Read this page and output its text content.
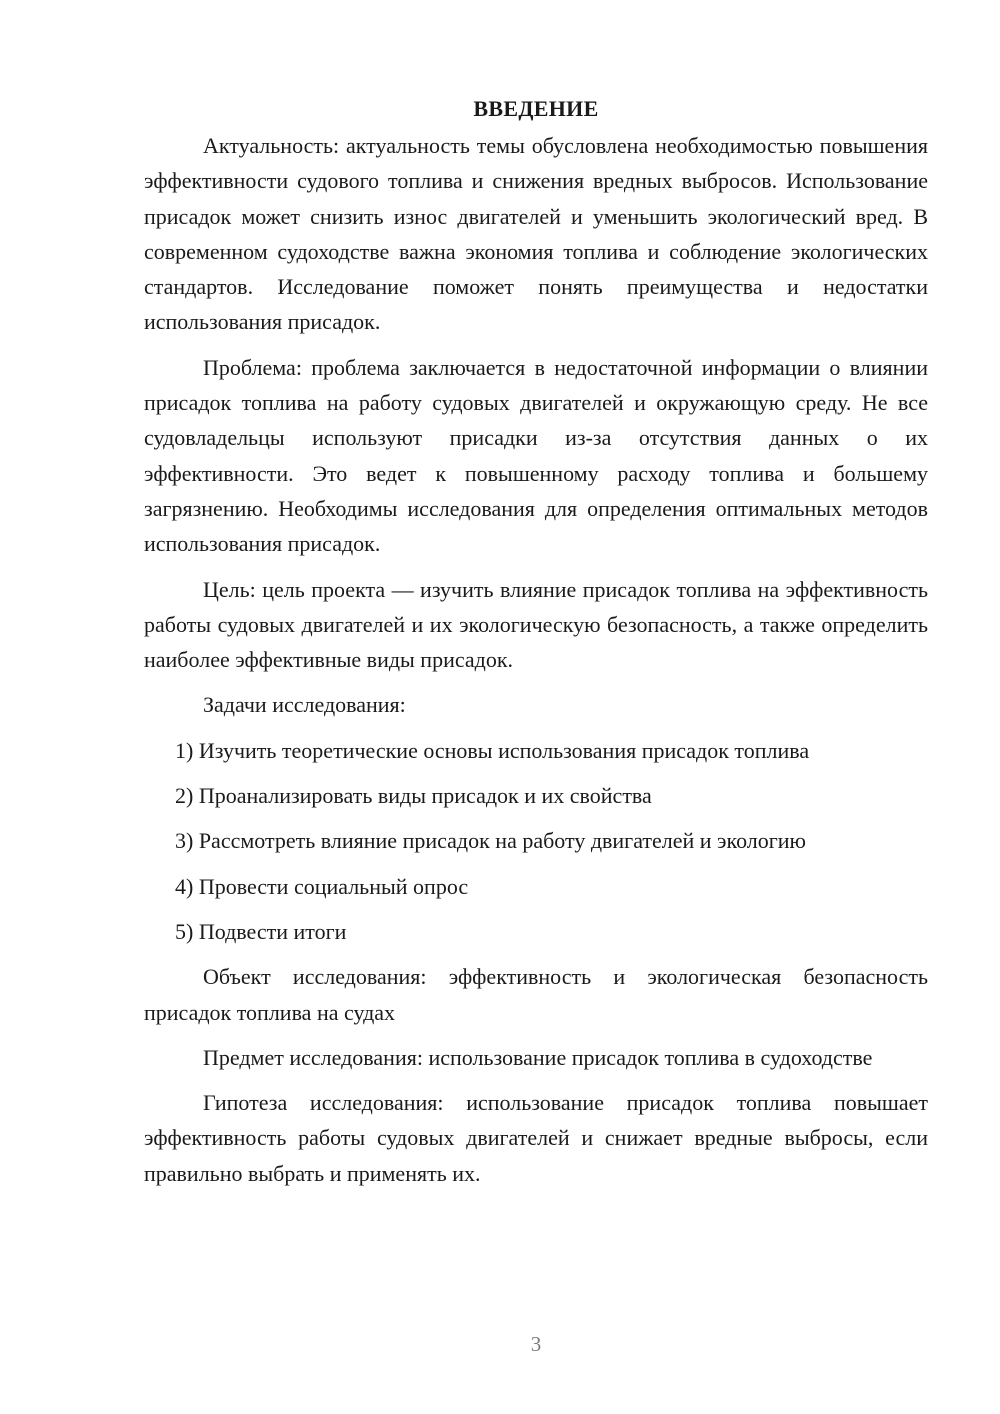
ВВЕДЕНИЕ

Актуальность: актуальность темы обусловлена необходимостью повышения эффективности судового топлива и снижения вредных выбросов. Использование присадок может снизить износ двигателей и уменьшить экологический вред. В современном судоходстве важна экономия топлива и соблюдение экологических стандартов. Исследование поможет понять преимущества и недостатки использования присадок.

Проблема: проблема заключается в недостаточной информации о влиянии присадок топлива на работу судовых двигателей и окружающую среду. Не все судовладельцы используют присадки из-за отсутствия данных о их эффективности. Это ведет к повышенному расходу топлива и большему загрязнению. Необходимы исследования для определения оптимальных методов использования присадок.

Цель: цель проекта — изучить влияние присадок топлива на эффективность работы судовых двигателей и их экологическую безопасность, а также определить наиболее эффективные виды присадок.

Задачи исследования:

1) Изучить теоретические основы использования присадок топлива
2) Проанализировать виды присадок и их свойства
3) Рассмотреть влияние присадок на работу двигателей и экологию
4) Провести социальный опрос
5) Подвести итоги

Объект исследования: эффективность и экологическая безопасность присадок топлива на судах

Предмет исследования: использование присадок топлива в судоходстве

Гипотеза исследования: использование присадок топлива повышает эффективность работы судовых двигателей и снижает вредные выбросы, если правильно выбрать и применять их.

3
